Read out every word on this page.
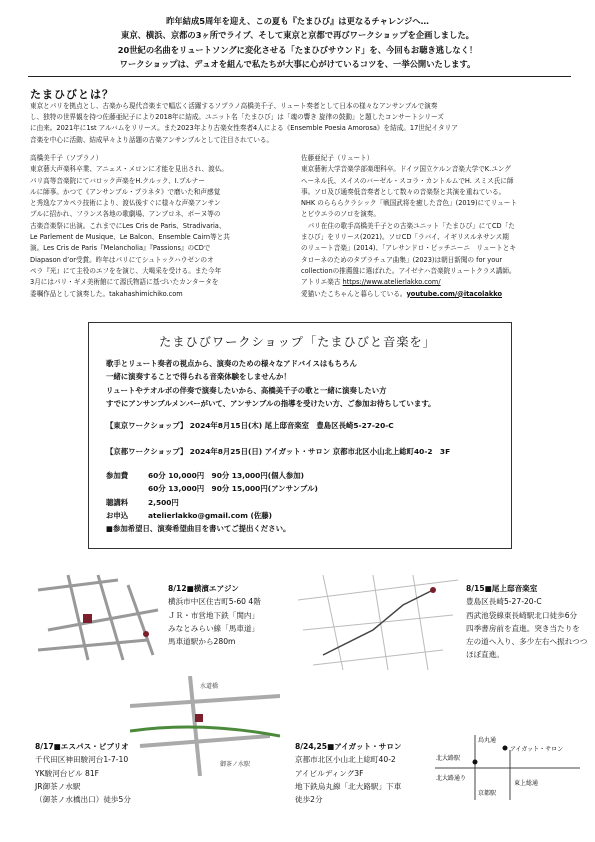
昨年結成5周年を迎え、この夏も『たまひび』は更なるチャレンジへ…
東京、横浜、京都の3ヶ所でライブ、そして東京と京都で再びワークショップを企画しました。
20世紀の名曲をリュートソングに変化させる「たまひびサウンド」を、今回もお聴き逃しなく！
ワークショップは、デュオを組んで私たちが大事に心がけているコツを、一挙公開いたします。
たまひびとは？
東京とパリを拠点とし、古楽から現代音楽まで幅広く活躍するソプラノ高橋美千子、リュート奏者として日本の様々なアンサンブルで演奏
し、独特の世界観を持つ佐藤亜紀子により2018年に結成。ユニット名「たまひび」は「魂の響き 旋律の鼓動」と題したコンサートシリーズ
に由来。2021年に1st アルバムをリリース。また2023年より古楽女性奏者4人による《Ensemble Poesia Amorosa》を結成。17世紀イタリア
音楽を中心に活動、結成早々より話題の古楽アンサンブルとして注目されている。
高橋美千子（ソプラノ）
東京藝大声楽科卒業、アニェス・メロンに才能を見出され、渡仏。
パリ高等音楽院にてバロック声楽をH.クルック、I.プルナー
ルに師事。かつて《アンサンブル・プラネタ》で磨いた和声感覚
と秀逸なアカペラ技術により、渡仏後すぐに様々な声楽アンサン
ブルに招かれ、フランス各地の歌劇場、アンブロネ、ボーヌ等の
古楽音楽祭に出演。これまでにLes Cris de Paris、Stradivaria、
Le Parlement de Musique、Le Balcon、Ensemble Cairn等と共
演。Les Cris de Paris『Melancholia』『Passions』のCDで
Diapason d’or受賞。昨年はパリにてシュトックハウゼンのオ
ペラ『光』にて主役のエフをを演じ、大喝采を受ける。また今年
3月にはパリ・ギメ美術館にて源氏物語に基づいたカンタータを
委嘱作品として演奏した。takahashimichiko.com
佐藤亜紀子（リュート）
東京藝術大学音楽学部楽理科卒。ドイツ国立ケルン音楽大学でK.ユング
ヘーネル氏、スイスのバーゼル・スコラ・カントルムでH. スミス氏に師
事。ソロ及び通奏低音奏者として数々の音楽祭と共演を重ねている。
NHK のらららクラシック「戦国武将を癒した音色」(2019)にてリュート
とビウエラのソロを演奏。
　パリ在住の歌手高橋美千子との古楽ユニット「たまひび」にてCD「た
まひび」をリリース(2021)。ソロCD「ラバイ、イギリスルネサンス期
のリュート音楽」(2014)、「アレサンドロ・ピッチニーニ　リュートとキ
タローネのためのタブラチュア曲集」(2023)は朝日新聞の for your
collectionの推薦盤に選ばれた。アイゼナハ音楽院リュートクラス講師。
アトリエ楽古 https://www.atelierlakko.com/
愛猫いたこちゃんと暮らしている。youtube.com/@itacolakko
たまひびワークショップ「たまひびと音楽を」
歌手とリュート奏者の視点から、演奏のための様々なアドバイスはもちろん
一緒に演奏することで得られる音楽体験をしませんか！
リュートやテオルボの伴奏で演奏したいから、高橋美千子の歌と一緒に演奏したい方
すでにアンサンブルメンバーがいて、アンサンブルの指導を受けたい方、ご参加お待ちしています。
【東京ワークショップ】 2024年8月15日(木) 尾上邸音楽室　豊島区長崎5-27-20-C
【京都ワークショップ】 2024年8月25日(日) アイガット・サロン 京都市北区小山北上総町40-2　3F
参加費	60分 10,000円　90分 13,000円(個人参加)
60分 13,000円　90分 15,000円(アンサンブル)
聴講料	2,500円
お申込	atelierlakko@gmail.com (佐藤)
■参加希望日、演奏希望曲目を書いてご提出ください。
8/12■横濱エアジン
横浜市中区住吉町5-60 4階
ＪＲ・市営地下鉄「関内」
みなとみらい線「馬車道」
馬車道駅から280m
8/15■尾上邸音楽室
豊島区長崎5-27-20-C
西武池袋線東長崎駅北口徒歩6分
四季書房前を直進。突き当たりを
左の道へ入り、多少左右へ振れつつ
ほぼ直進。
水道橋
御茶ノ水駅
8/17■エスパス・ビブリオ
千代田区神田駿河台1-7-10
YK駿河台ビル 81F
JR御茶ノ水駅
（御茶ノ水橋出口）徒歩5分
8/24,25■アイガット・サロン
京都市北区小山北上総町40-2
アイビルディング3F
地下鉄烏丸線「北大路駅」下車
徒歩2分
北大路駅
アイガット・サロン
北大路通り
烏丸通
京都駅
東上総通
